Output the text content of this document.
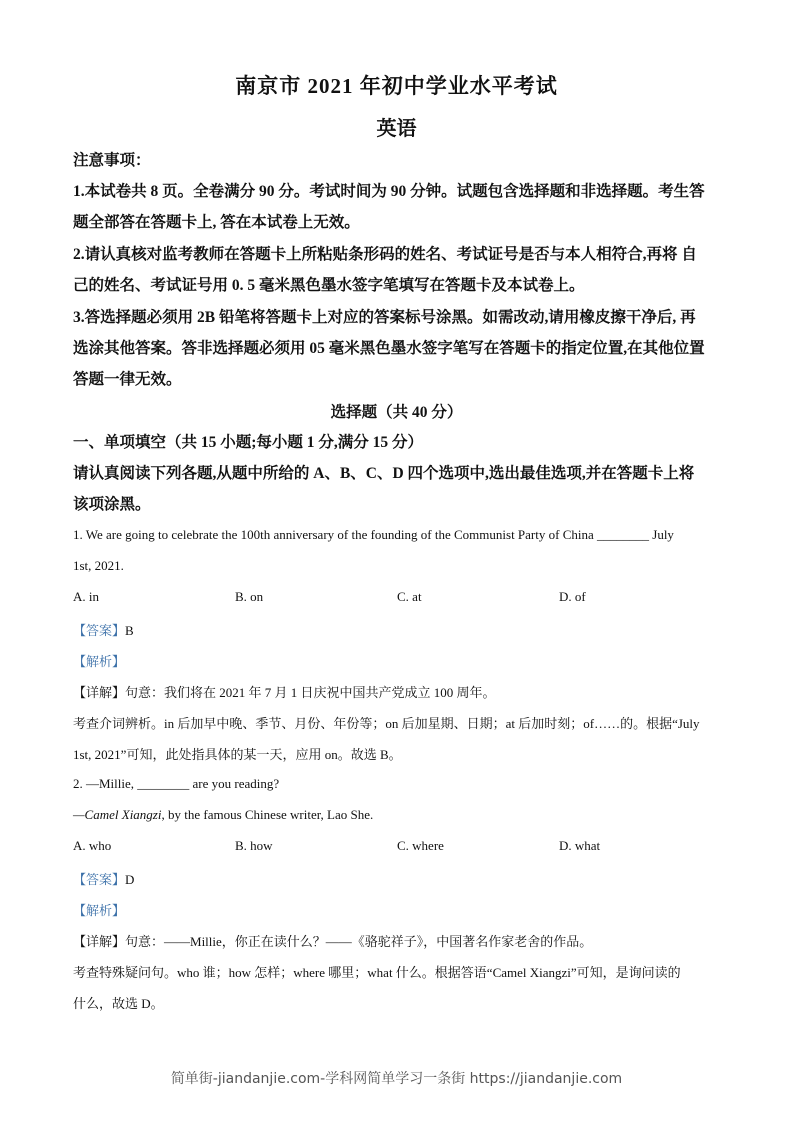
南京市 2021 年初中学业水平考试
英语
注意事项：
1.本试卷共 8 页。全卷满分 90 分。考试时间为 90 分钟。试题包含选择题和非选择题。考生答
题全部答在答题卡上, 答在本试卷上无效。
2.请认真核对监考教师在答题卡上所粘贴条形码的姓名、考试证号是否与本人相符合,再将 自
己的姓名、考试证号用 0. 5 毫米黑色墨水签字笔填写在答题卡及本试卷上。
3.答选择题必须用 2B 铅笔将答题卡上对应的答案标号涂黑。如需改动,请用橡皮擦干净后, 再
选涂其他答案。答非选择题必须用 05 毫米黑色墨水签字笔写在答题卡的指定位置,在其他位置
答题一律无效。
选择题（共 40 分）
一、单项填空（共 15 小题;每小题 1 分,满分 15 分）
请认真阅读下列各题,从题中所给的 A、B、C、D 四个选项中,选出最佳选项,并在答题卡上将
该项涂黑。
1. We are going to celebrate the 100th anniversary of the founding of the Communist Party of China ________ July
1st, 2021.
A. in	B. on	C. at	D. of
【答案】B
【解析】
【详解】句意：我们将在 2021 年 7 月 1 日庆祝中国共产党成立 100 周年。
考查介词辨析。in 后加早中晚、季节、月份、年份等；on 后加星期、日期；at 后加时刻；of……的。根据“July
1st, 2021”可知，此处指具体的某一天，应用 on。故选 B。
2. —Millie, ________ are you reading?
—Camel Xiangzi, by the famous Chinese writer, Lao She.
A. who	B. how	C. where	D. what
【答案】D
【解析】
【详解】句意：——Millie，你正在读什么？——《骆驼祥子》，中国著名作家老舍的作品。
考查特殊疑问句。who 谁；how 怎样；where 哪里；what 什么。根据答语“Camel Xiangzi”可知，是询问读的
什么，故选 D。
简单街-jiandanjie.com-学科网简单学习一条街 https://jiandanjie.com
